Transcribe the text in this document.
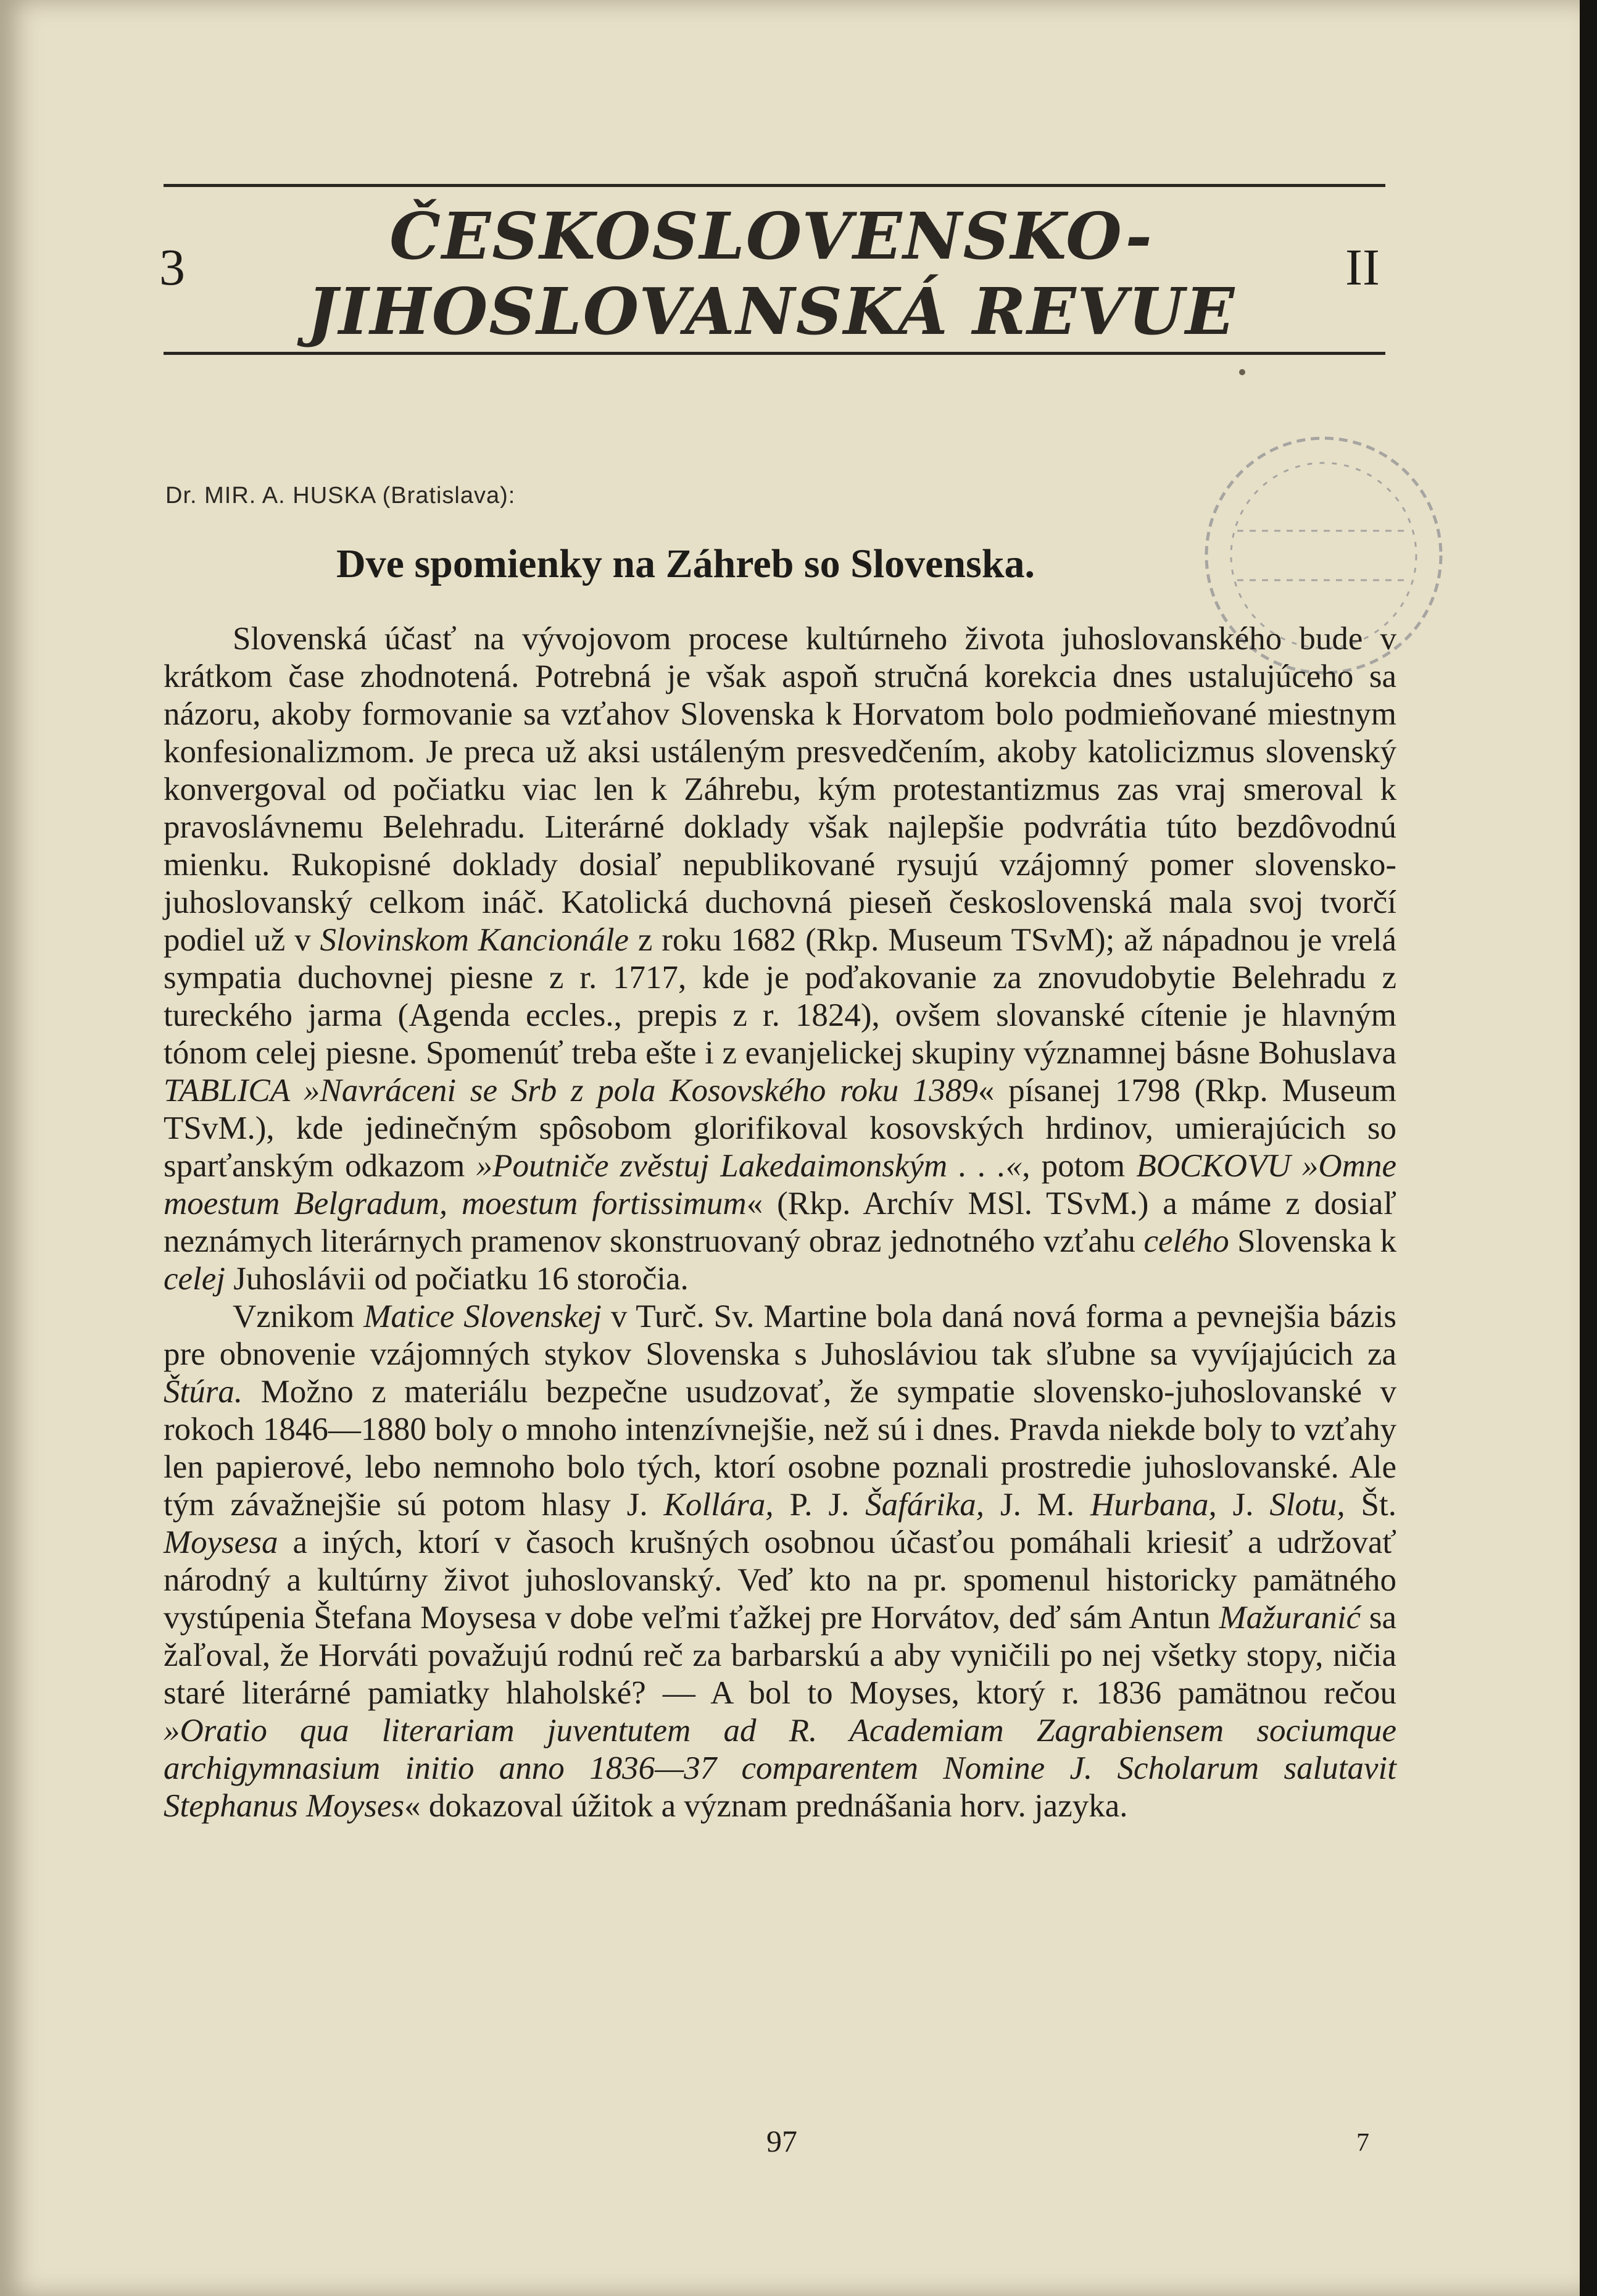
3	ČESKOSLOVENSKO-
JIHOSLOVANSKÁ REVUE
II
Dr. MIR. A. HUSKA (Bratislava):
Dve spomienky na Záhreb so Slovenska.

Slovenská účasť na vývojovom procese kultúrneho života juhoslovanského bude v krátkom čase zhodnotená. Potrebná je však aspoň stručná korekcia dnes ustalujúceho sa názoru, akoby formovanie sa vzťahov Slovenska k Horvatom bolo podmieňované miestnym konfesionalizmom. Je preca už aksi ustáleným presvedčením, akoby katolicizmus slovenský konvergoval od počiatku viac len k Záhrebu, kým protestantizmus zas vraj smeroval k pravoslávnemu Belehradu. Literárné doklady však najlepšie podvrátia túto bezdôvodnú mienku. Rukopisné doklady dosiaľ nepublikované rysujú vzájomný pomer slovensko-juhoslovanský celkom ináč. Katolická duchovná pieseň československá mala svoj tvorčí podiel už v Slovinskom Kancionále z roku 1682 (Rkp. Museum TSvM); až nápadnou je vrelá sympatia duchovnej piesne z r. 1717, kde je poďakovanie za znovudobytie Belehradu z tureckého jarma (Agenda eccles., prepis z r. 1824), ovšem slovanské cítenie je hlavným tónom celej piesne. Spomenúť treba ešte i z evanjelickej skupiny významnej básne Bohuslava TABLICA »Navráceni se Srb z pola Kosovského roku 1389« písanej 1798 (Rkp. Museum TSvM.), kde jedinečným spôsobom glorifikoval kosovských hrdinov, umierajúcich so sparťanským odkazom »Poutniče zvěstuj Lakedaimonským . . .«, potom BOCKOVU »Omne moestum Belgradum, moestum fortissimum« (Rkp. Archív MSl. TSvM.) a máme z dosiaľ neznámych literárnych pramenov skonstruovaný obraz jednotného vzťahu celého Slovenska k celej Juhoslávii od počiatku 16 storočia.

Vznikom Matice Slovenskej v Turč. Sv. Martine bola daná nová forma a pevnejšia bázis pre obnovenie vzájomných stykov Slovenska s Juhosláviou tak sľubne sa vyvíjajúcich za Štúra. Možno z materiálu bezpečne usudzovať, že sympatie slovensko-juhoslovanské v rokoch 1846—1880 boly o mnoho intenzívnejšie, než sú i dnes. Pravda niekde boly to vzťahy len papierové, lebo nemnoho bolo tých, ktorí osobne poznali prostredie juhoslovanské. Ale tým závažnejšie sú potom hlasy J. Kollára, P. J. Šafárika, J. M. Hurbana, J. Slotu, Št. Moysesa a iných, ktorí v časoch krušných osobnou účasťou pomáhali kriesiť a udržovať národný a kultúrny život juhoslovanský. Veď kto na pr. spomenul historicky pamätného vystúpenia Štefana Moysesa v dobe veľmi ťažkej pre Horvátov, deď sám Antun Mažuranić sa žaľoval, že Horváti považujú rodnú reč za barbarskú a aby vyničili po nej všetky stopy, ničia staré literárné pamiatky hlaholské? — A bol to Moyses, ktorý r. 1836 pamätnou rečou »Oratio qua literariam juventutem ad R. Academiam Zagrabiensem sociumque archigymnasium initio anno 1836—37 comparentem Nomine J. Scholarum salutavit Stephanus Moyses« dokazoval úžitok a význam prednášania horv. jazyka.

97	7
